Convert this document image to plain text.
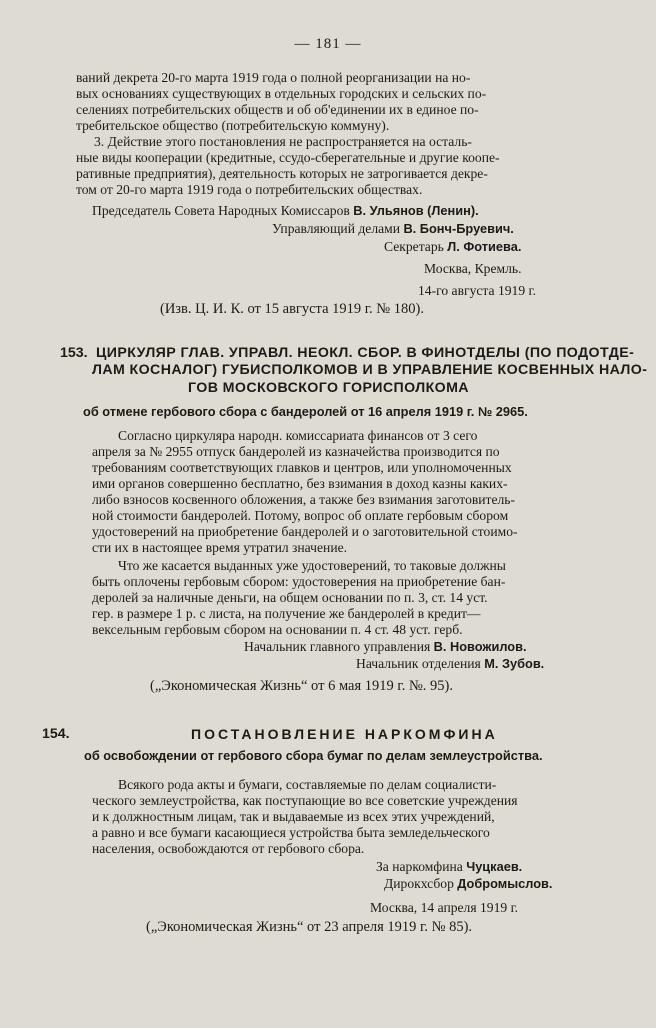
— 181 —
ваний декрета 20-го марта 1919 года о полной реорганизации на но-
вых основаниях существующих в отдельных городских и сельских по-
селениях потребительских обществ и об об'единении их в единое по-
требительское общество (потребительскую коммуну).
3. Действие этого постановления не распространяется на осталь-
ные виды кооперации (кредитные, ссудо-сберегательные и другие коопе-
ративные предприятия), деятельность которых не затрогивается декре-
том от 20-го марта 1919 года о потребительских обществах.
Председатель Совета Народных Комиссаров В. Ульянов (Ленин).
Управляющий делами В. Бонч-Бруевич.
Секретарь Л. Фотиева.
Москва, Кремль.
14-го августа 1919 г.
(Изв. Ц. И. К. от 15 августа 1919 г. № 180).
153. ЦИРКУЛЯР ГЛАВ. УПРАВЛ. НЕОКЛ. СБОР. В ФИНОТДЕЛЫ (ПО ПОДОТДЕ-
ЛАМ КОСНАЛОГ) ГУБИСПОЛКОМОВ И В УПРАВЛЕНИЕ КОСВЕННЫХ НАЛО-
ГОВ МОСКОВСКОГО ГОРИСПОЛКОМА
об отмене гербового сбора с бандеролей от 16 апреля 1919 г. № 2965.
Согласно циркуляра народн. комиссариата финансов от 3 сего
апреля за № 2955 отпуск бандеролей из казначейства производится по
требованиям соответствующих главков и центров, или уполномоченных
ими органов совершенно бесплатно, без взимания в доход казны каких-
либо взносов косвенного обложения, а также без взимания заготовитель-
ной стоимости бандеролей. Потому, вопрос об оплате гербовым сбором
удостоверений на приобретение бандеролей и о заготовительной стоимо-
сти их в настоящее время утратил значение.
Что же касается выданных уже удостоверений, то таковые должны
быть оплочены гербовым сбором: удостоверения на приобретение бан-
деролей за наличные деньги, на общем основании по п. 3, ст. 14 уст.
гер. в размере 1 р. с листа, на получение же бандеролей в кредит—
вексельным гербовым сбором на основании п. 4 ст. 48 уст. герб.
Начальник главного управления В. Новожилов.
Начальник отделения М. Зубов.
(„Экономическая Жизнь“ от 6 мая 1919 г. №. 95).
154.	ПОСТАНОВЛЕНИЕ НАРКОМФИНА
об освобождении от гербового сбора бумаг по делам землеустройства.
Всякого рода акты и бумаги, составляемые по делам социалисти-
ческого землеустройства, как поступающие во все советские учреждения
и к должностным лицам, так и выдаваемые из всех этих учреждений,
а равно и все бумаги касающиеся устройства быта земледельческого
населения, освобождаются от гербового сбора.
За наркомфина Чуцкаев.
Дирокхсбор Добромыслов.
Москва, 14 апреля 1919 г.
(„Экономическая Жизнь“ от 23 апреля 1919 г. № 85).
